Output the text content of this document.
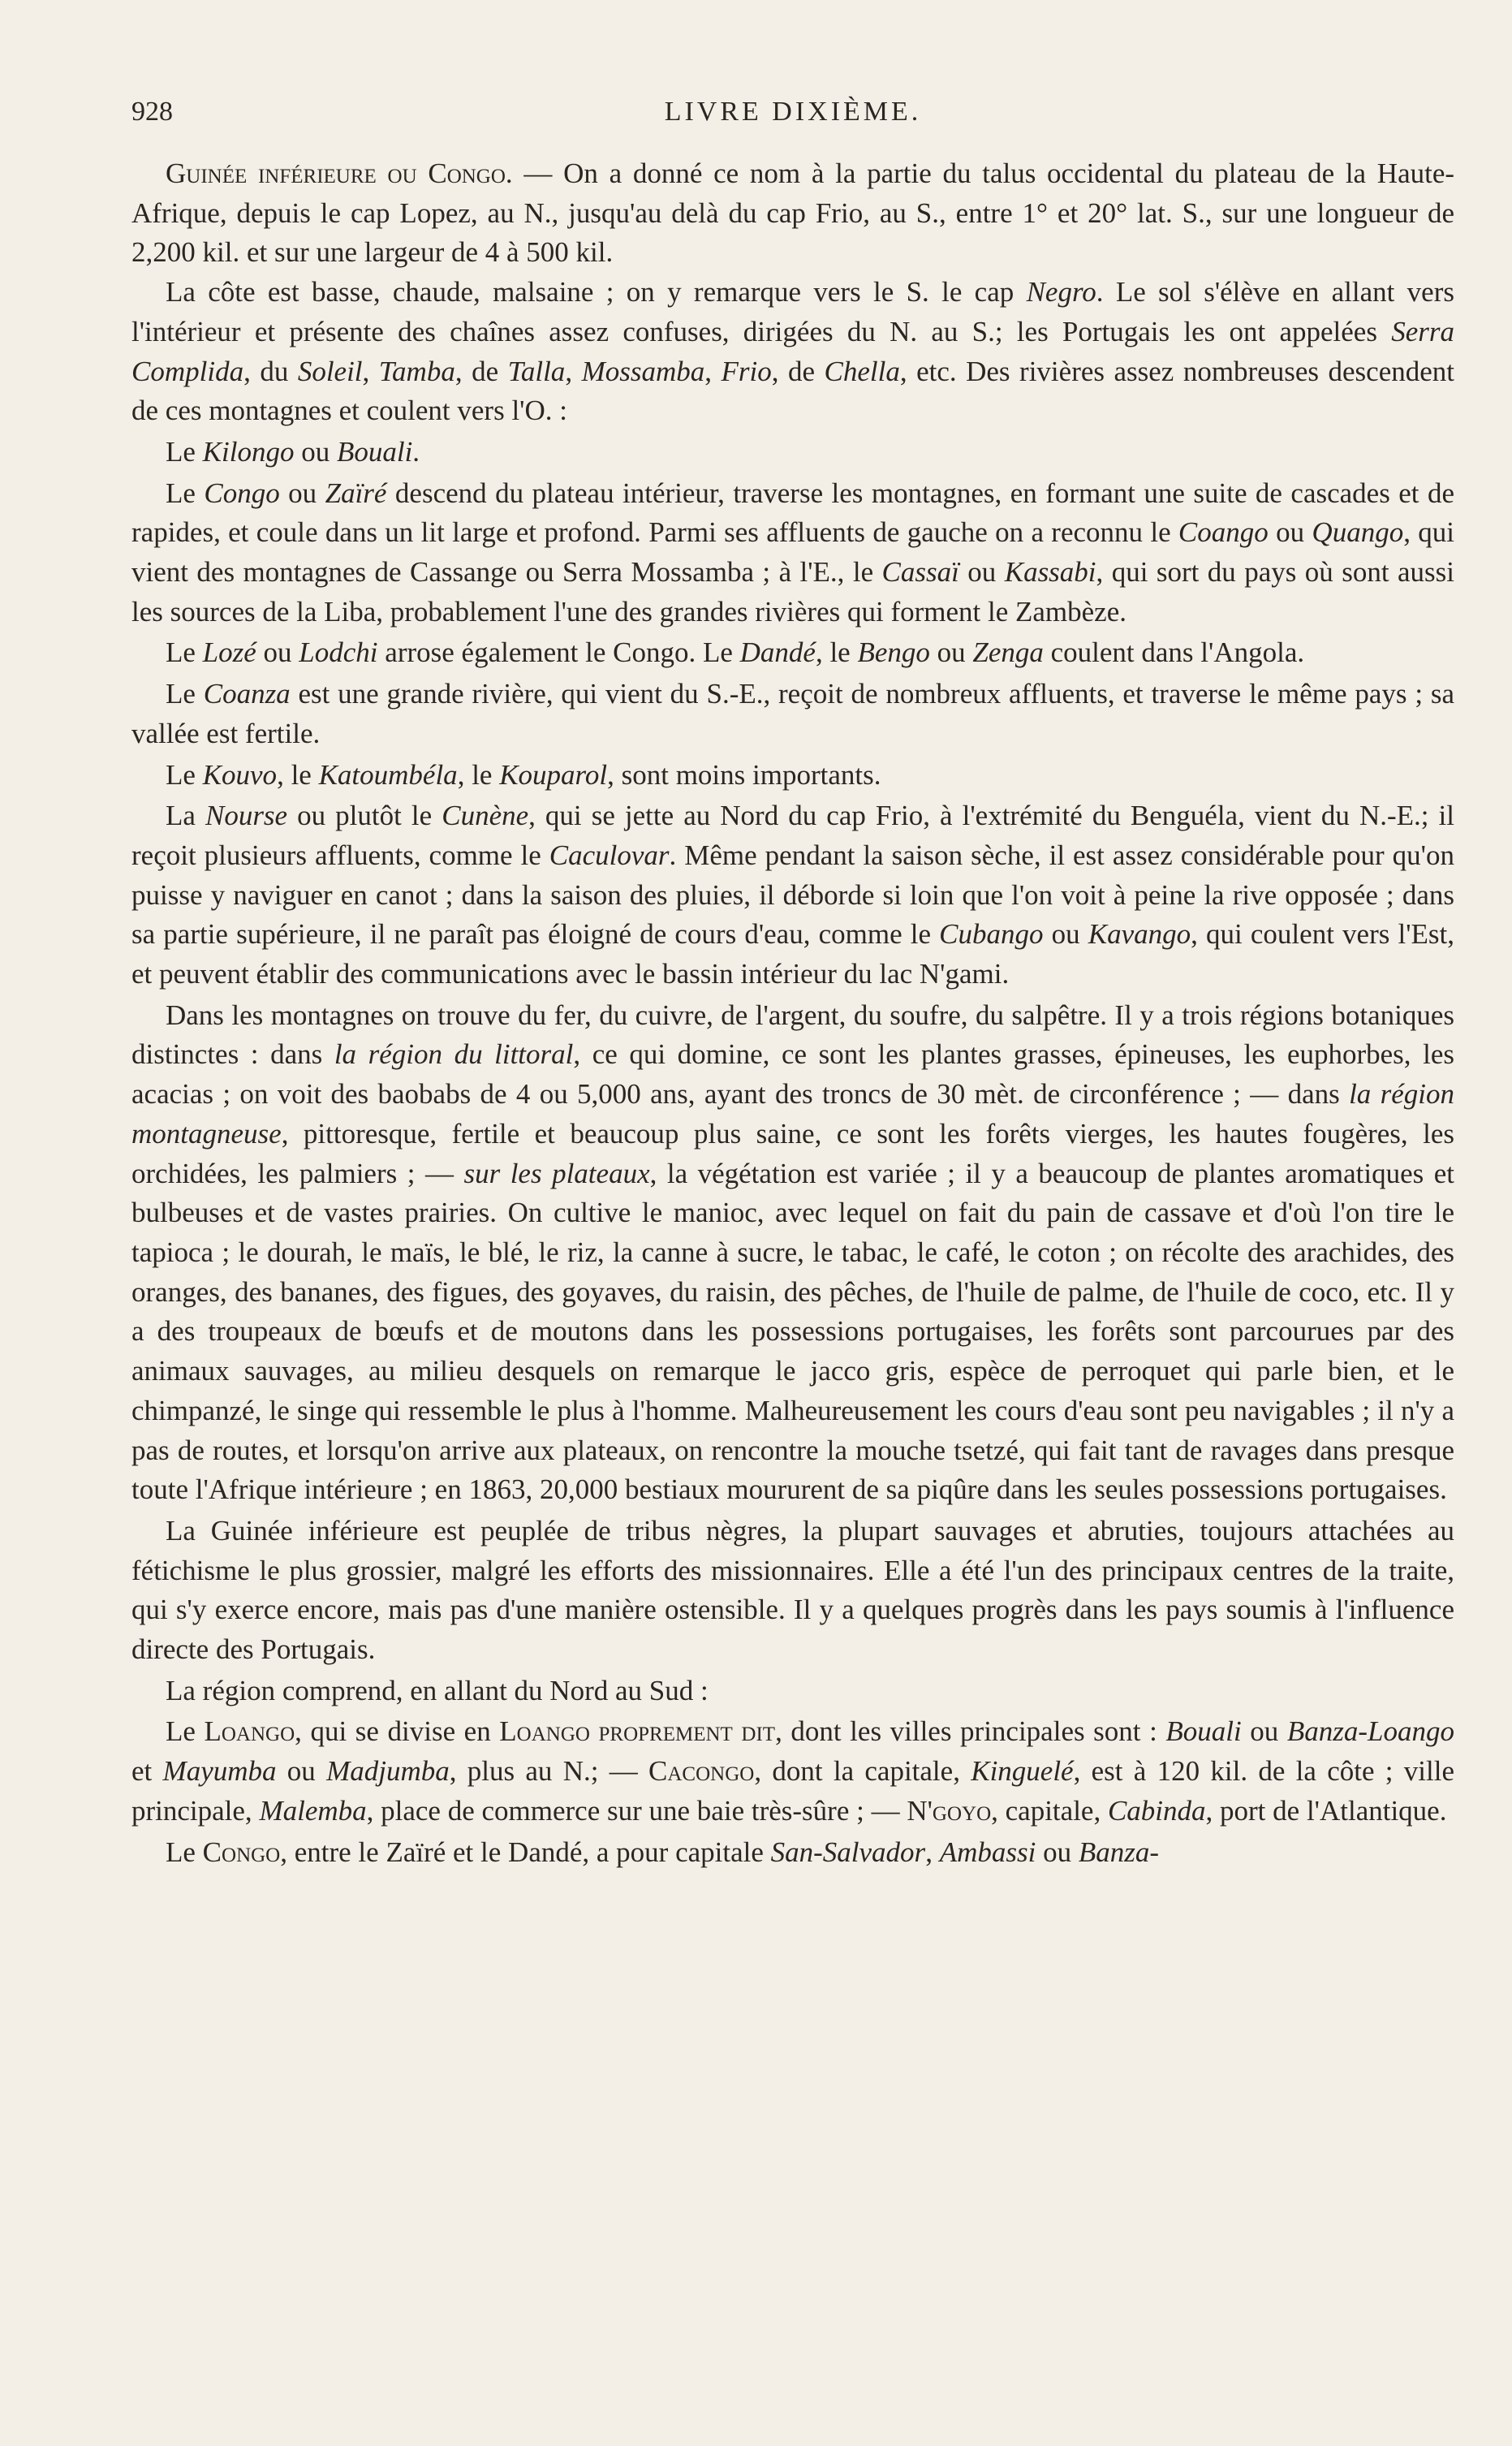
928	LIVRE DIXIÈME.

Guinée inférieure ou Congo. — On a donné ce nom à la partie du talus occidental du plateau de la Haute-Afrique, depuis le cap Lopez, au N., jusqu'au delà du cap Frio, au S., entre 1° et 20° lat. S., sur une longueur de 2,200 kil. et sur une largeur de 4 à 500 kil.

La côte est basse, chaude, malsaine ; on y remarque vers le S. le cap Negro. Le sol s'élève en allant vers l'intérieur et présente des chaînes assez confuses, dirigées du N. au S.; les Portugais les ont appelées Serra Complida, du Soleil, Tamba, de Talla, Mossamba, Frio, de Chella, etc. Des rivières assez nombreuses descendent de ces montagnes et coulent vers l'O. :

Le Kilongo ou Bouali.

Le Congo ou Zaïré descend du plateau intérieur, traverse les montagnes, en formant une suite de cascades et de rapides, et coule dans un lit large et profond. Parmi ses affluents de gauche on a reconnu le Coango ou Quango, qui vient des montagnes de Cassange ou Serra Mossamba ; à l'E., le Cassaï ou Kassabi, qui sort du pays où sont aussi les sources de la Liba, probablement l'une des grandes rivières qui forment le Zambèze.

Le Lozé ou Lodchi arrose également le Congo. Le Dandé, le Bengo ou Zenga coulent dans l'Angola.

Le Coanza est une grande rivière, qui vient du S.-E., reçoit de nombreux affluents, et traverse le même pays ; sa vallée est fertile.

Le Kouvo, le Katoumbéla, le Kouparol, sont moins importants.

La Nourse ou plutôt le Cunène, qui se jette au Nord du cap Frio, à l'extrémité du Benguéla, vient du N.-E.; il reçoit plusieurs affluents, comme le Caculovar. Même pendant la saison sèche, il est assez considérable pour qu'on puisse y naviguer en canot ; dans la saison des pluies, il déborde si loin que l'on voit à peine la rive opposée ; dans sa partie supérieure, il ne paraît pas éloigné de cours d'eau, comme le Cubango ou Kavango, qui coulent vers l'Est, et peuvent établir des communications avec le bassin intérieur du lac N'gami.

Dans les montagnes on trouve du fer, du cuivre, de l'argent, du soufre, du salpêtre. Il y a trois régions botaniques distinctes : dans la région du littoral, ce qui domine, ce sont les plantes grasses, épineuses, les euphorbes, les acacias ; on voit des baobabs de 4 ou 5,000 ans, ayant des troncs de 30 mèt. de circonférence ; — dans la région montagneuse, pittoresque, fertile et beaucoup plus saine, ce sont les forêts vierges, les hautes fougères, les orchidées, les palmiers ; — sur les plateaux, la végétation est variée ; il y a beaucoup de plantes aromatiques et bulbeuses et de vastes prairies. On cultive le manioc, avec lequel on fait du pain de cassave et d'où l'on tire le tapioca ; le dourah, le maïs, le blé, le riz, la canne à sucre, le tabac, le café, le coton ; on récolte des arachides, des oranges, des bananes, des figues, des goyaves, du raisin, des pêches, de l'huile de palme, de l'huile de coco, etc. Il y a des troupeaux de bœufs et de moutons dans les possessions portugaises, les forêts sont parcourues par des animaux sauvages, au milieu desquels on remarque le jacco gris, espèce de perroquet qui parle bien, et le chimpanzé, le singe qui ressemble le plus à l'homme. Malheureusement les cours d'eau sont peu navigables ; il n'y a pas de routes, et lorsqu'on arrive aux plateaux, on rencontre la mouche tsetzé, qui fait tant de ravages dans presque toute l'Afrique intérieure ; en 1863, 20,000 bestiaux moururent de sa piqûre dans les seules possessions portugaises.

La Guinée inférieure est peuplée de tribus nègres, la plupart sauvages et abruties, toujours attachées au fétichisme le plus grossier, malgré les efforts des missionnaires. Elle a été l'un des principaux centres de la traite, qui s'y exerce encore, mais pas d'une manière ostensible. Il y a quelques progrès dans les pays soumis à l'influence directe des Portugais.

La région comprend, en allant du Nord au Sud :

Le Loango, qui se divise en Loango proprement dit, dont les villes principales sont : Bouali ou Banza-Loango et Mayumba ou Madjumba, plus au N.; — Cacongo, dont la capitale, Kinguelé, est à 120 kil. de la côte ; ville principale, Malemba, place de commerce sur une baie très-sûre ; — N'goyo, capitale, Cabinda, port de l'Atlantique.

Le Congo, entre le Zaïré et le Dandé, a pour capitale San-Salvador, Ambassi ou Banza-
